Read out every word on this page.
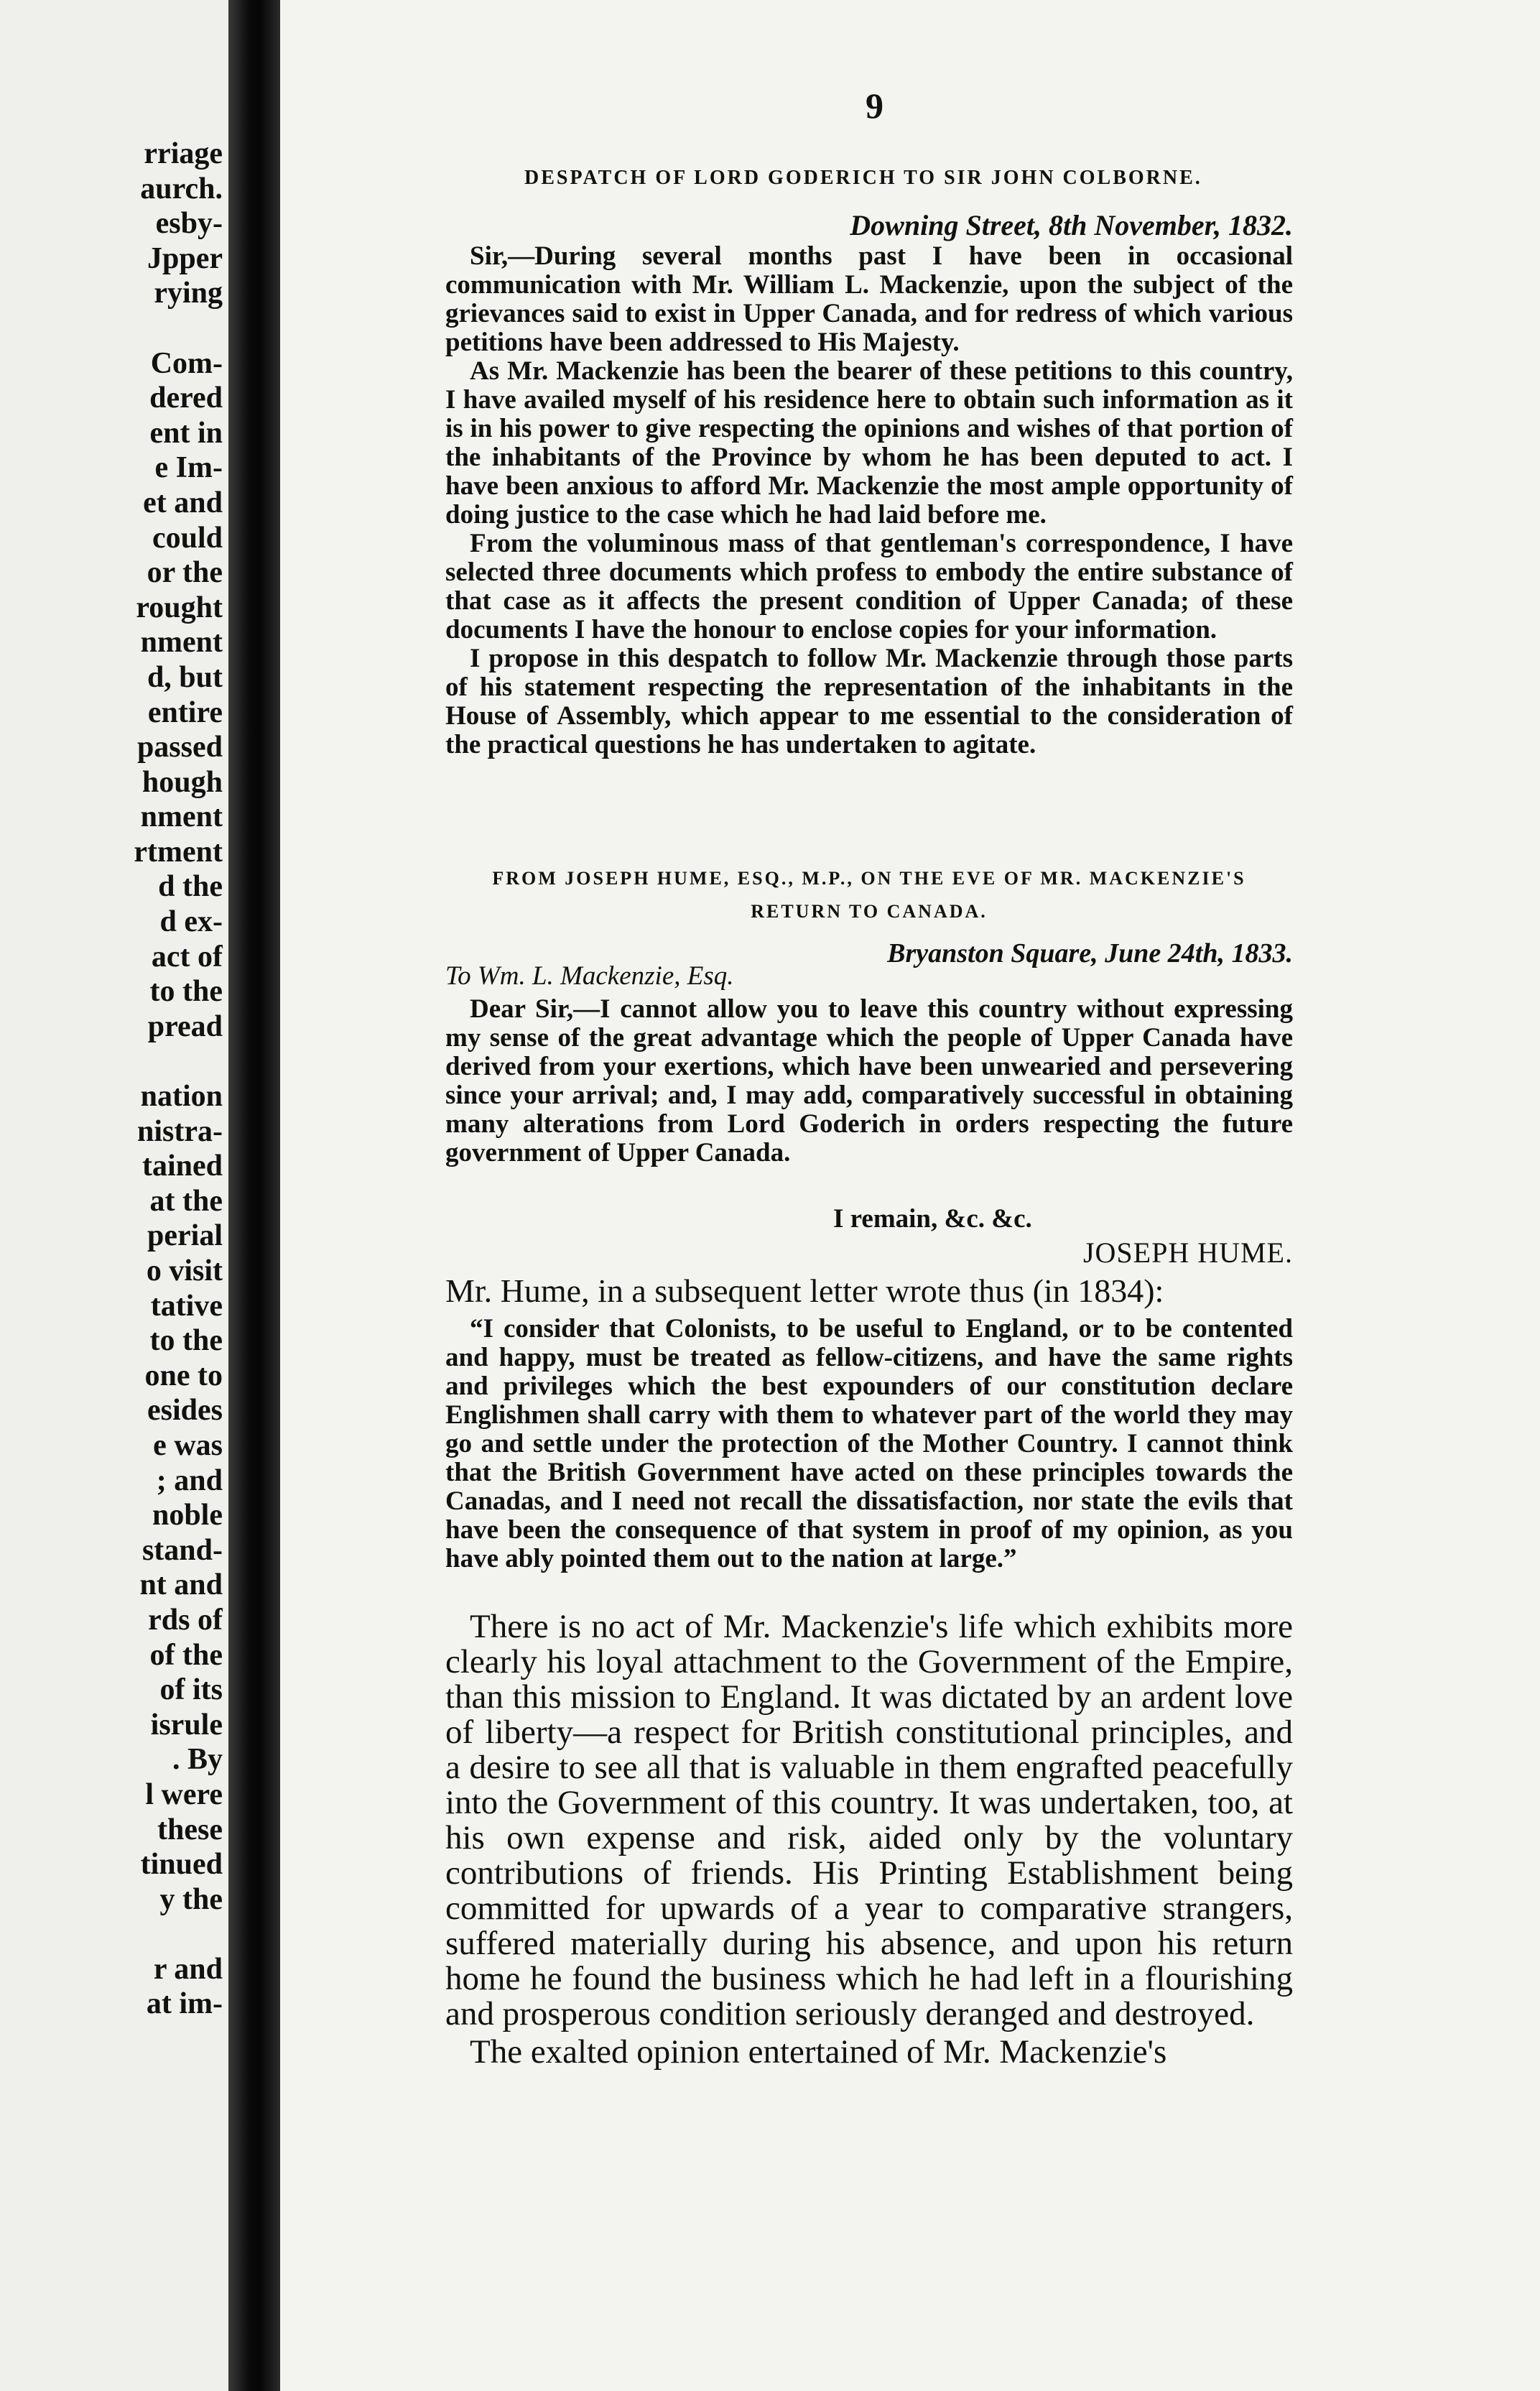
rriage
aurch.
esby-
Jpper
rying
Com-
dered
ent in
e Im-
et and
could
or the
rought
nment
d, but
entire
passed
hough
nment
rtment
d the
d ex-
act of
to the
pread
nation
nistra-
tained
at the
perial
o visit
tative
to the
one to
esides
e was
; and
noble
stand-
nt and
rds of
of the
of its
isrule
. By
l were
these
tinued
y the
r and
at im-
9
DESPATCH OF LORD GODERICH TO SIR JOHN COLBORNE.
Downing Street, 8th November, 1832.

Sir,—During several months past I have been in occasional communication with Mr. William L. Mackenzie, upon the subject of the grievances said to exist in Upper Canada, and for redress of which various petitions have been addressed to His Majesty.

As Mr. Mackenzie has been the bearer of these petitions to this country, I have availed myself of his residence here to obtain such information as it is in his power to give respecting the opinions and wishes of that portion of the inhabitants of the Province by whom he has been deputed to act. I have been anxious to afford Mr. Mackenzie the most ample opportunity of doing justice to the case which he had laid before me.

From the voluminous mass of that gentleman's correspondence, I have selected three documents which profess to embody the entire substance of that case as it affects the present condition of Upper Canada; of these documents I have the honour to enclose copies for your information.

I propose in this despatch to follow Mr. Mackenzie through those parts of his statement respecting the representation of the inhabitants in the House of Assembly, which appear to me essential to the consideration of the practical questions he has undertaken to agitate.

FROM JOSEPH HUME, ESQ., M.P., ON THE EVE OF MR. MACKENZIE'S RETURN TO CANADA.
Bryanston Square, June 24th, 1833.
To Wm. L. Mackenzie, Esq.

Dear Sir,—I cannot allow you to leave this country without expressing my sense of the great advantage which the people of Upper Canada have derived from your exertions, which have been unwearied and persevering since your arrival; and, I may add, comparatively successful in obtaining many alterations from Lord Goderich in orders respecting the future government of Upper Canada.

I remain, &c. &c.
JOSEPH HUME.
Mr. Hume, in a subsequent letter wrote thus (in 1834):

“I consider that Colonists, to be useful to England, or to be contented and happy, must be treated as fellow-citizens, and have the same rights and privileges which the best expounders of our constitution declare Englishmen shall carry with them to whatever part of the world they may go and settle under the protection of the Mother Country. I cannot think that the British Government have acted on these principles towards the Canadas, and I need not recall the dissatisfaction, nor state the evils that have been the consequence of that system in proof of my opinion, as you have ably pointed them out to the nation at large.”

There is no act of Mr. Mackenzie's life which exhibits more clearly his loyal attachment to the Government of the Empire, than this mission to England. It was dictated by an ardent love of liberty—a respect for British constitutional principles, and a desire to see all that is valuable in them engrafted peacefully into the Government of this country. It was undertaken, too, at his own expense and risk, aided only by the voluntary contributions of friends. His Printing Establishment being committed for upwards of a year to comparative strangers, suffered materially during his absence, and upon his return home he found the business which he had left in a flourishing and prosperous condition seriously deranged and destroyed.

The exalted opinion entertained of Mr. Mackenzie's
